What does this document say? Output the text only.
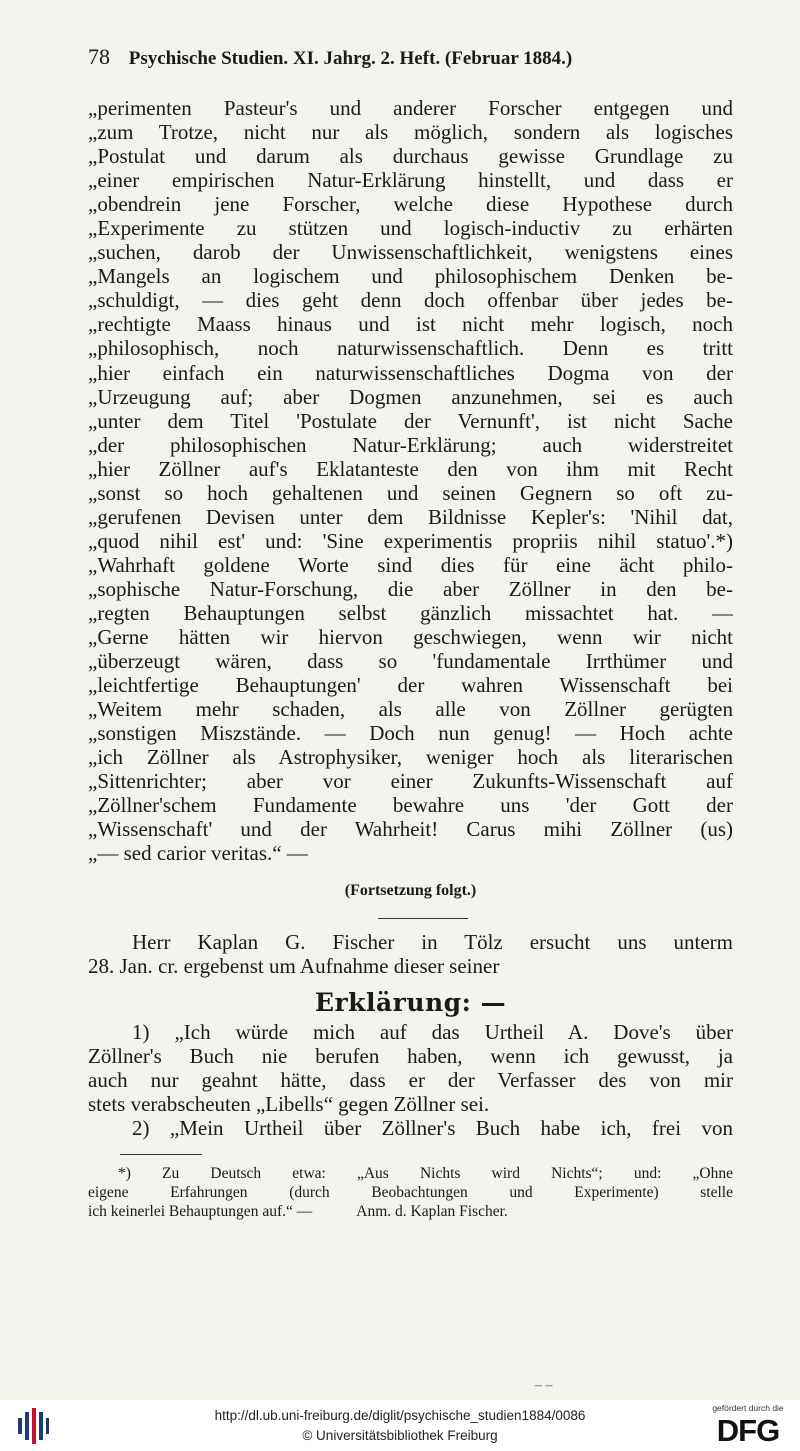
78 Psychische Studien. XI. Jahrg. 2. Heft. (Februar 1884.)
„perimenten Pasteur's und anderer Forscher entgegen und
„zum Trotze, nicht nur als möglich, sondern als logisches
„Postulat und darum als durchaus gewisse Grundlage zu
„einer empirischen Natur-Erklärung hinstellt, und dass er
„obendrein jene Forscher, welche diese Hypothese durch
„Experimente zu stützen und logisch-inductiv zu erhärten
„suchen, darob der Unwissenschaftlichkeit, wenigstens eines
„Mangels an logischem und philosophischem Denken be-
„schuldigt, — dies geht denn doch offenbar über jedes be-
„rechtigte Maass hinaus und ist nicht mehr logisch, noch
„philosophisch, noch naturwissenschaftlich. Denn es tritt
„hier einfach ein naturwissenschaftliches Dogma von der
„Urzeugung auf; aber Dogmen anzunehmen, sei es auch
„unter dem Titel 'Postulate der Vernunft', ist nicht Sache
„der philosophischen Natur-Erklärung; auch widerstreitet
„hier Zöllner auf's Eklatanteste den von ihm mit Recht
„sonst so hoch gehaltenen und seinen Gegnern so oft zu-
„gerufenen Devisen unter dem Bildnisse Kepler's: 'Nihil dat,
„quod nihil est' und: 'Sine experimentis propriis nihil statuo'.*)
„Wahrhaft goldene Worte sind dies für eine ächt philo-
„sophische Natur-Forschung, die aber Zöllner in den be-
„regten Behauptungen selbst gänzlich missachtet hat. —
„Gerne hätten wir hiervon geschwiegen, wenn wir nicht
„überzeugt wären, dass so 'fundamentale Irrthümer und
„leichtfertige Behauptungen' der wahren Wissenschaft bei
„Weitem mehr schaden, als alle von Zöllner gerügten
„sonstigen Miszstände. — Doch nun genug! — Hoch achte
„ich Zöllner als Astrophysiker, weniger hoch als literarischen
„Sittenrichter; aber vor einer Zukunfts-Wissenschaft auf
„Zöllner'schem Fundamente bewahre uns 'der Gott der
„Wissenschaft' und der Wahrheit! Carus mihi Zöllner (us)
„— sed carior veritas.“ —
(Fortsetzung folgt.)
Herr Kaplan G. Fischer in Tölz ersucht uns unterm
28. Jan. cr. ergebenst um Aufnahme dieser seiner
Erklärung: —
1) „Ich würde mich auf das Urtheil A. Dove's über
Zöllner's Buch nie berufen haben, wenn ich gewusst, ja
auch nur geahnt hätte, dass er der Verfasser des von mir
stets verabscheuten „Libells“ gegen Zöllner sei.
2) „Mein Urtheil über Zöllner's Buch habe ich, frei von
*) Zu Deutsch etwa: „Aus Nichts wird Nichts“; und: „Ohne
eigene Erfahrungen (durch Beobachtungen und Experimente) stelle
ich keinerlei Behauptungen auf.“ —	Anm. d. Kaplan Fischer.
– –
http://dl.ub.uni-freiburg.de/diglit/psychische_studien1884/0086
© Universitätsbibliothek Freiburg
gefördert durch die
DFG
